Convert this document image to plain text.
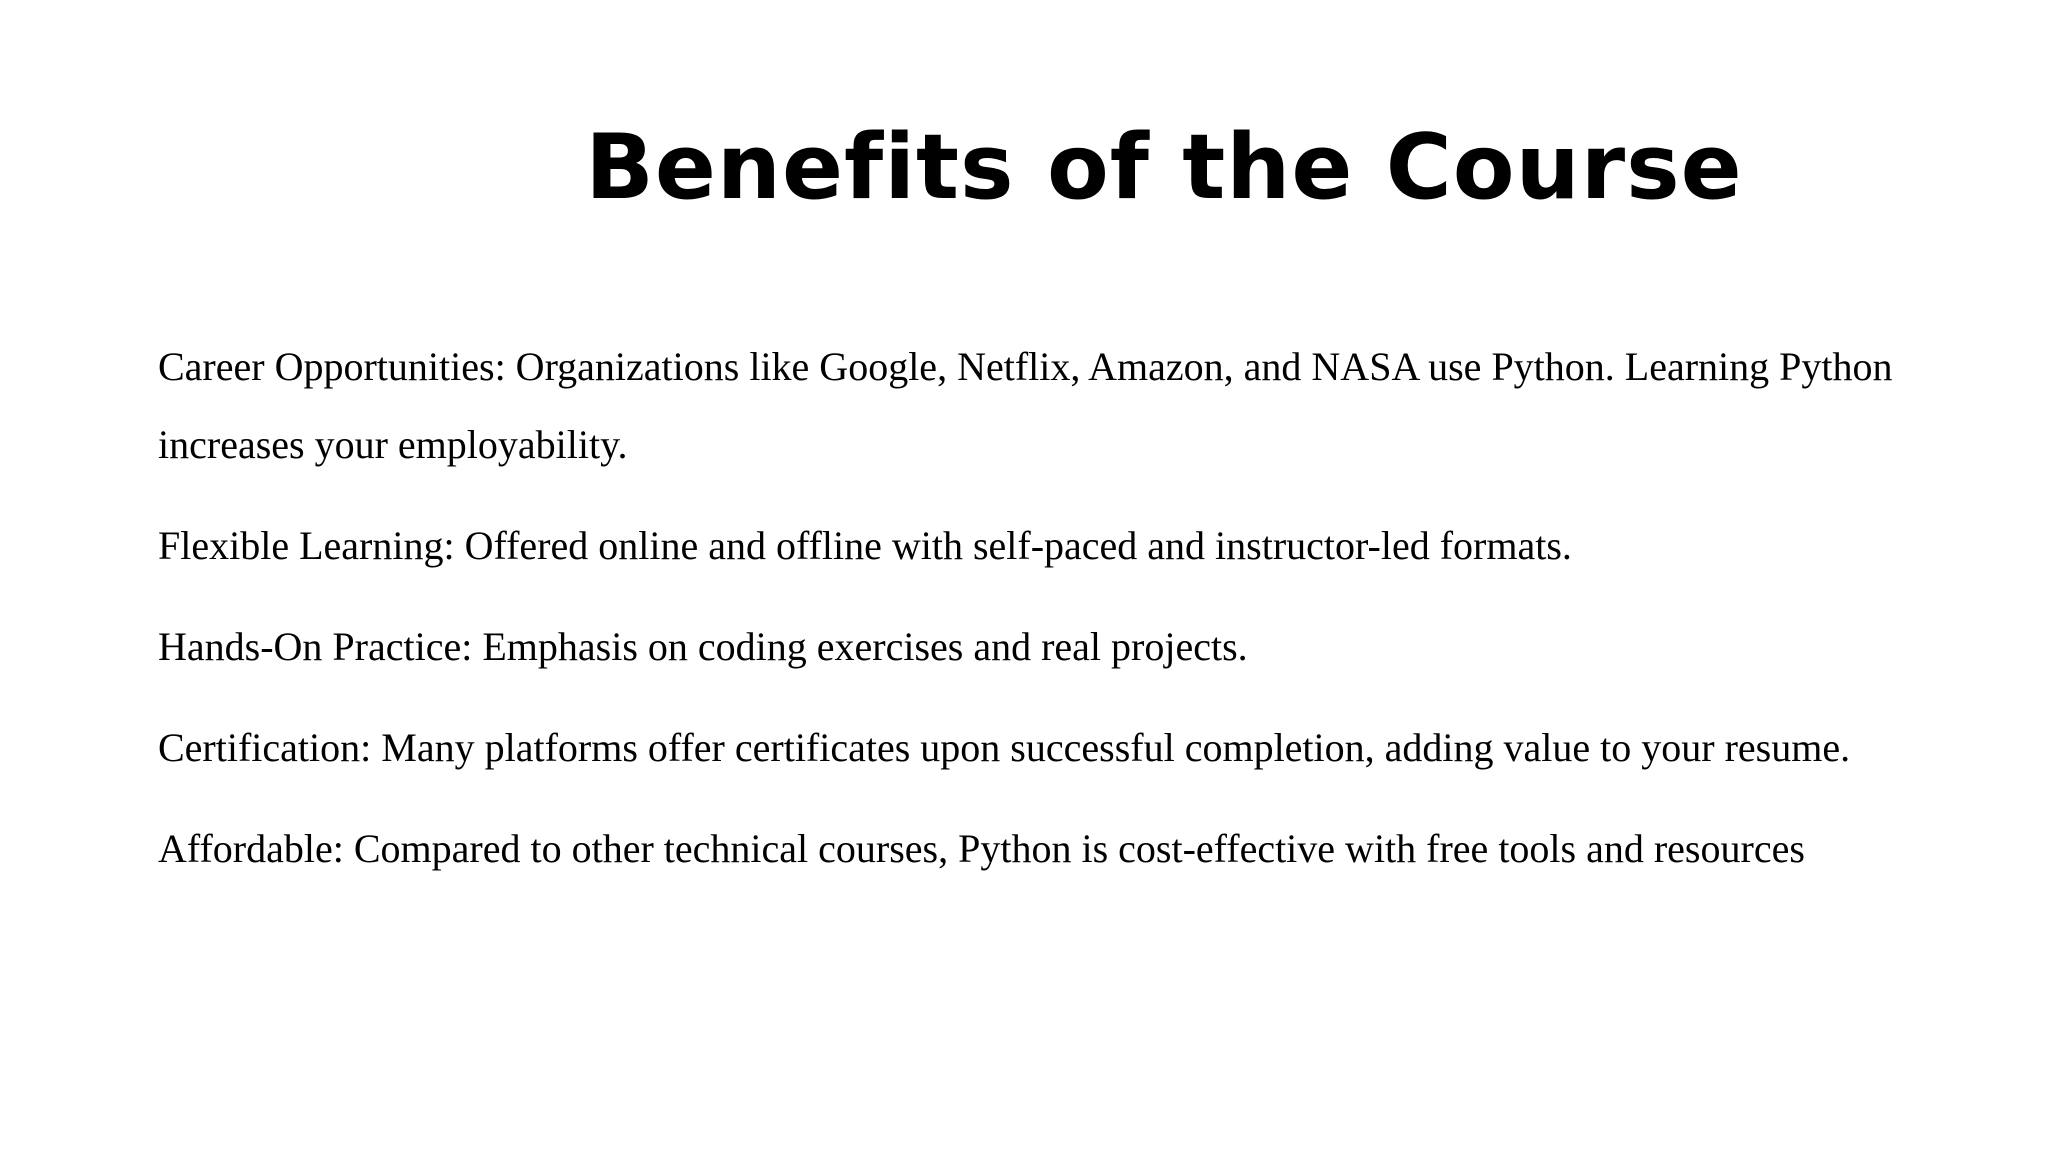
Benefits of the Course

Career Opportunities: Organizations like Google, Netflix, Amazon, and NASA use Python. Learning Python increases your employability.

Flexible Learning: Offered online and offline with self-paced and instructor-led formats.

Hands-On Practice: Emphasis on coding exercises and real projects.

Certification: Many platforms offer certificates upon successful completion, adding value to your resume.

Affordable: Compared to other technical courses, Python is cost-effective with free tools and resources
